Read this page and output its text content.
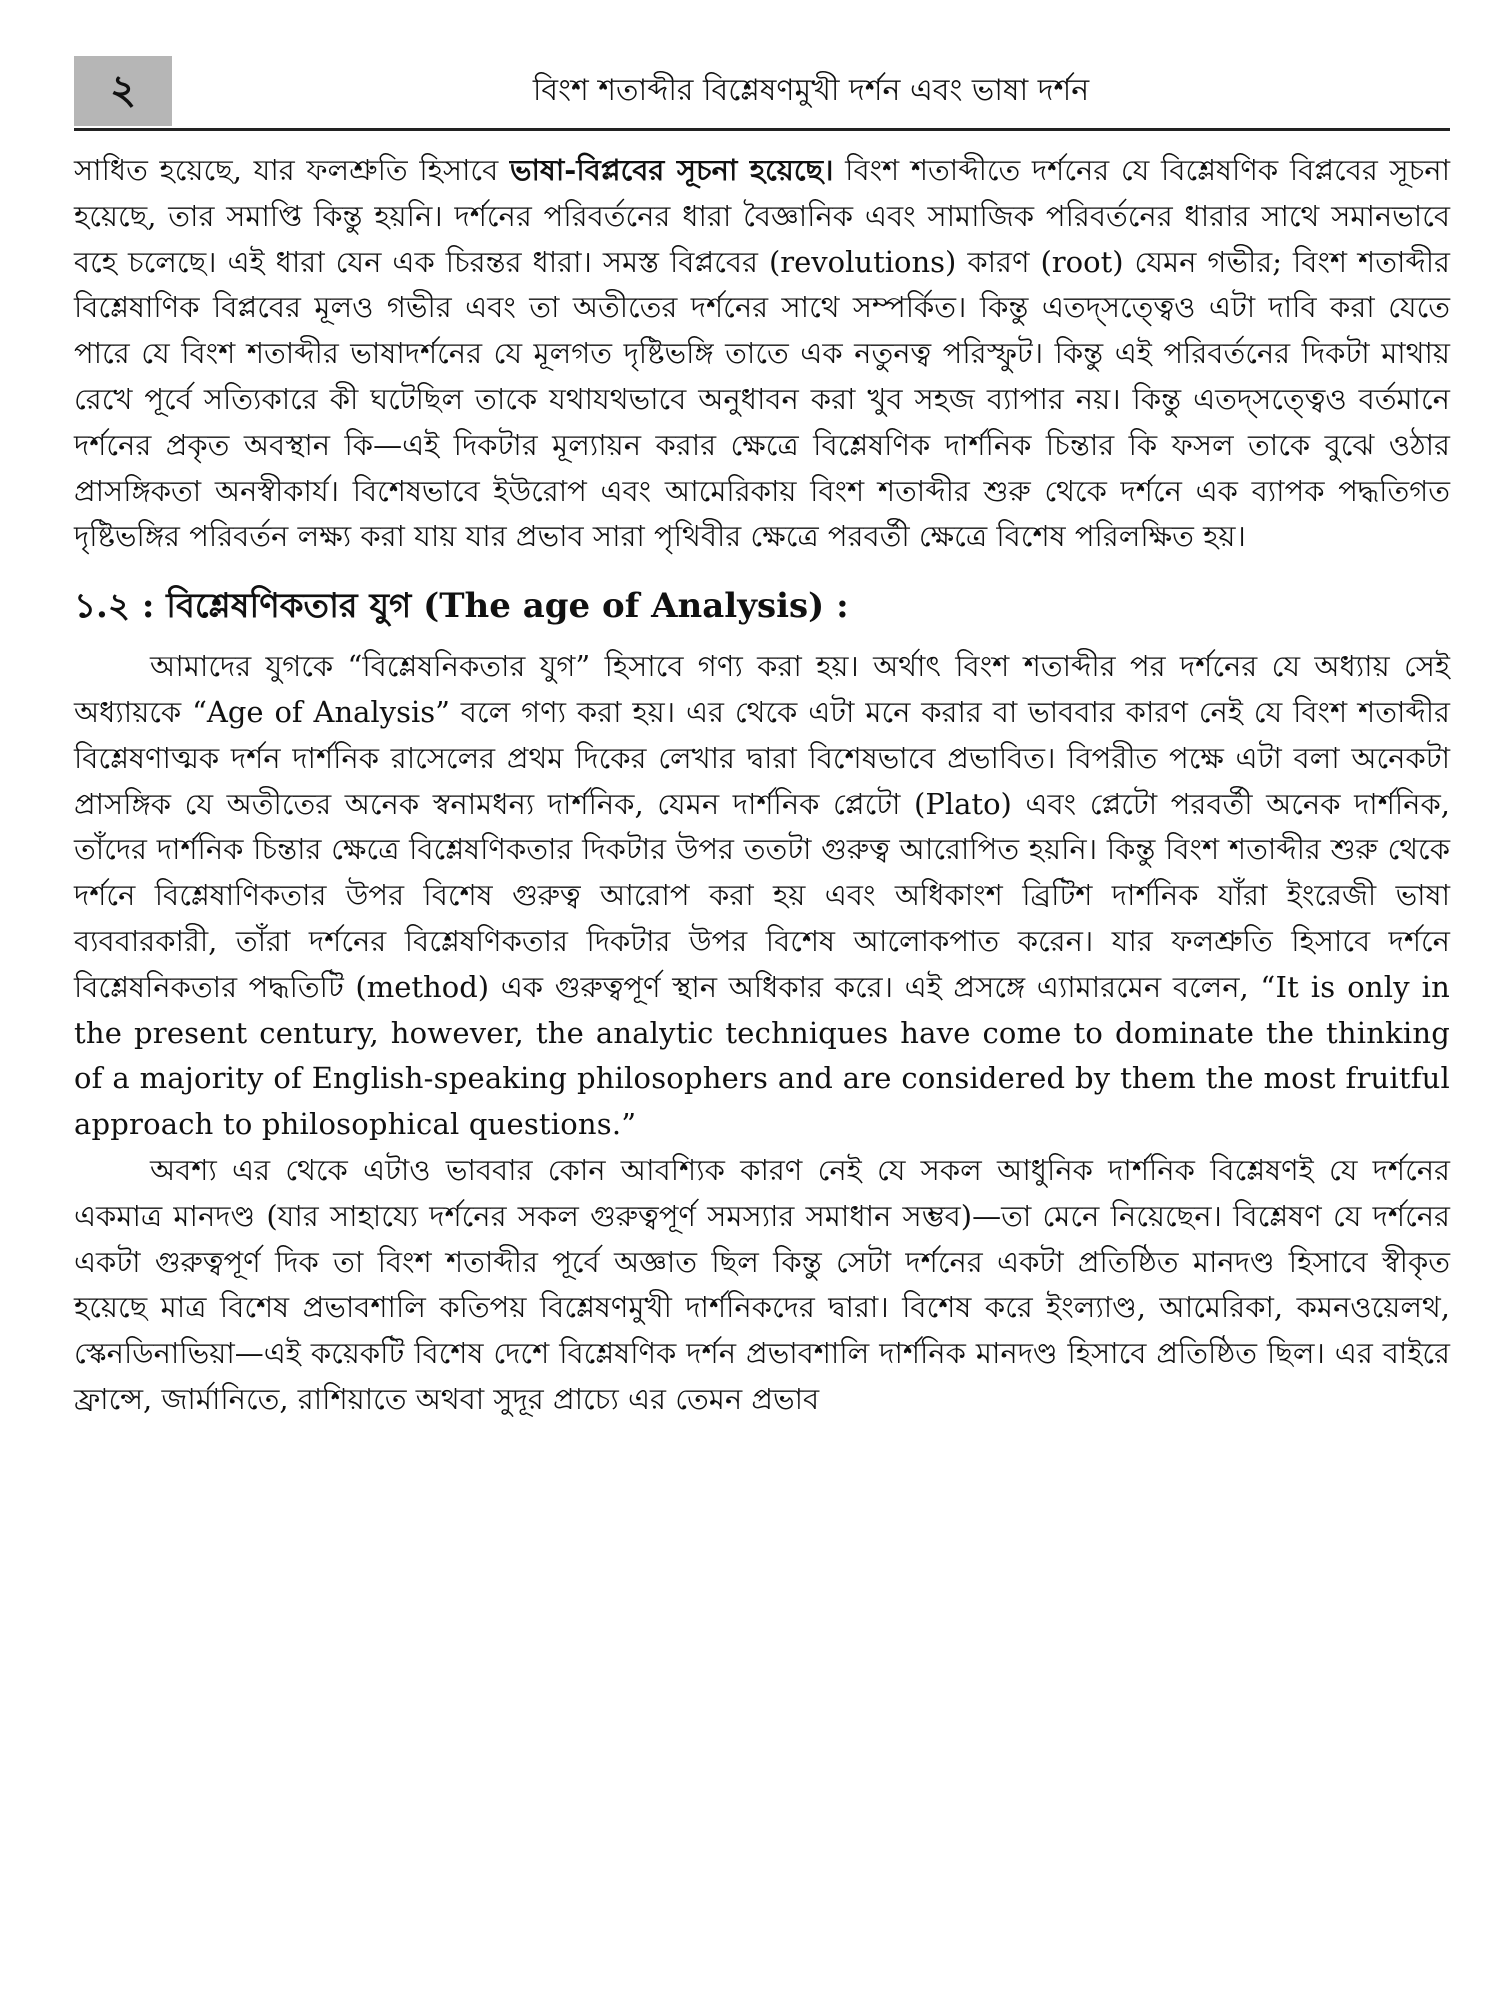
২	বিংশ শতাব্দীর বিশ্লেষণমুখী দর্শন এবং ভাষা দর্শন

সাধিত হয়েছে, যার ফলশ্রুতি হিসাবে ভাষা-বিপ্লবের সূচনা হয়েছে। বিংশ শতাব্দীতে দর্শনের যে বিশ্লেষণিক বিপ্লবের সূচনা হয়েছে, তার সমাপ্তি কিন্তু হয়নি। দর্শনের পরিবর্তনের ধারা বৈজ্ঞানিক এবং সামাজিক পরিবর্তনের ধারার সাথে সমানভাবে বহে চলেছে। এই ধারা যেন এক চিরন্তর ধারা। সমস্ত বিপ্লবের (revolutions) কারণ (root) যেমন গভীর; বিংশ শতাব্দীর বিশ্লেষাণিক বিপ্লবের মূলও গভীর এবং তা অতীতের দর্শনের সাথে সম্পর্কিত। কিন্তু এতদ্সত্ত্বেও এটা দাবি করা যেতে পারে যে বিংশ শতাব্দীর ভাষাদর্শনের যে মূলগত দৃষ্টিভঙ্গি তাতে এক নতুনত্ব পরিস্ফুট। কিন্তু এই পরিবর্তনের দিকটা মাথায় রেখে পূর্বে সত্যিকারে কী ঘটেছিল তাকে যথাযথভাবে অনুধাবন করা খুব সহজ ব্যাপার নয়। কিন্তু এতদ্সত্ত্বেও বর্তমানে দর্শনের প্রকৃত অবস্থান কি—এই দিকটার মূল্যায়ন করার ক্ষেত্রে বিশ্লেষণিক দার্শনিক চিন্তার কি ফসল তাকে বুঝে ওঠার প্রাসঙ্গিকতা অনস্বীকার্য। বিশেষভাবে ইউরোপ এবং আমেরিকায় বিংশ শতাব্দীর শুরু থেকে দর্শনে এক ব্যাপক পদ্ধতিগত দৃষ্টিভঙ্গির পরিবর্তন লক্ষ্য করা যায় যার প্রভাব সারা পৃথিবীর ক্ষেত্রে পরবর্তী ক্ষেত্রে বিশেষ পরিলক্ষিত হয়।

১.২ : বিশ্লেষণিকতার যুগ (The age of Analysis) :

আমাদের যুগকে “বিশ্লেষনিকতার যুগ” হিসাবে গণ্য করা হয়। অর্থাৎ বিংশ শতাব্দীর পর দর্শনের যে অধ্যায় সেই অধ্যায়কে “Age of Analysis” বলে গণ্য করা হয়। এর থেকে এটা মনে করার বা ভাববার কারণ নেই যে বিংশ শতাব্দীর বিশ্লেষণাত্মক দর্শন দার্শনিক রাসেলের প্রথম দিকের লেখার দ্বারা বিশেষভাবে প্রভাবিত। বিপরীত পক্ষে এটা বলা অনেকটা প্রাসঙ্গিক যে অতীতের অনেক স্বনামধন্য দার্শনিক, যেমন দার্শনিক প্লেটো (Plato) এবং প্লেটো পরবর্তী অনেক দার্শনিক, তাঁদের দার্শনিক চিন্তার ক্ষেত্রে বিশ্লেষণিকতার দিকটার উপর ততটা গুরুত্ব আরোপিত হয়নি। কিন্তু বিংশ শতাব্দীর শুরু থেকে দর্শনে বিশ্লেষাণিকতার উপর বিশেষ গুরুত্ব আরোপ করা হয় এবং অধিকাংশ ব্রিটিশ দার্শনিক যাঁরা ইংরেজী ভাষা ব্যববারকারী, তাঁরা দর্শনের বিশ্লেষণিকতার দিকটার উপর বিশেষ আলোকপাত করেন। যার ফলশ্রুতি হিসাবে দর্শনে বিশ্লেষনিকতার পদ্ধতিটি (method) এক গুরুত্বপূর্ণ স্থান অধিকার করে। এই প্রসঙ্গে এ্যামারমেন বলেন, “It is only in the present century, however, the analytic techniques have come to dominate the thinking of a majority of English-speaking philosophers and are considered by them the most fruitful approach to philosophical questions.”

অবশ্য এর থেকে এটাও ভাববার কোন আবশ্যিক কারণ নেই যে সকল আধুনিক দার্শনিক বিশ্লেষণই যে দর্শনের একমাত্র মানদণ্ড (যার সাহায্যে দর্শনের সকল গুরুত্বপূর্ণ সমস্যার সমাধান সম্ভব)—তা মেনে নিয়েছেন। বিশ্লেষণ যে দর্শনের একটা গুরুত্বপূর্ণ দিক তা বিংশ শতাব্দীর পূর্বে অজ্ঞাত ছিল কিন্তু সেটা দর্শনের একটা প্রতিষ্ঠিত মানদণ্ড হিসাবে স্বীকৃত হয়েছে মাত্র বিশেষ প্রভাবশালি কতিপয় বিশ্লেষণমুখী দার্শনিকদের দ্বারা। বিশেষ করে ইংল্যাণ্ড, আমেরিকা, কমনওয়েলথ, স্কেনডিনাভিয়া—এই কয়েকটি বিশেষ দেশে বিশ্লেষণিক দর্শন প্রভাবশালি দার্শনিক মানদণ্ড হিসাবে প্রতিষ্ঠিত ছিল। এর বাইরে ফ্রান্সে, জার্মানিতে, রাশিয়াতে অথবা সুদূর প্রাচ্যে এর তেমন প্রভাব
